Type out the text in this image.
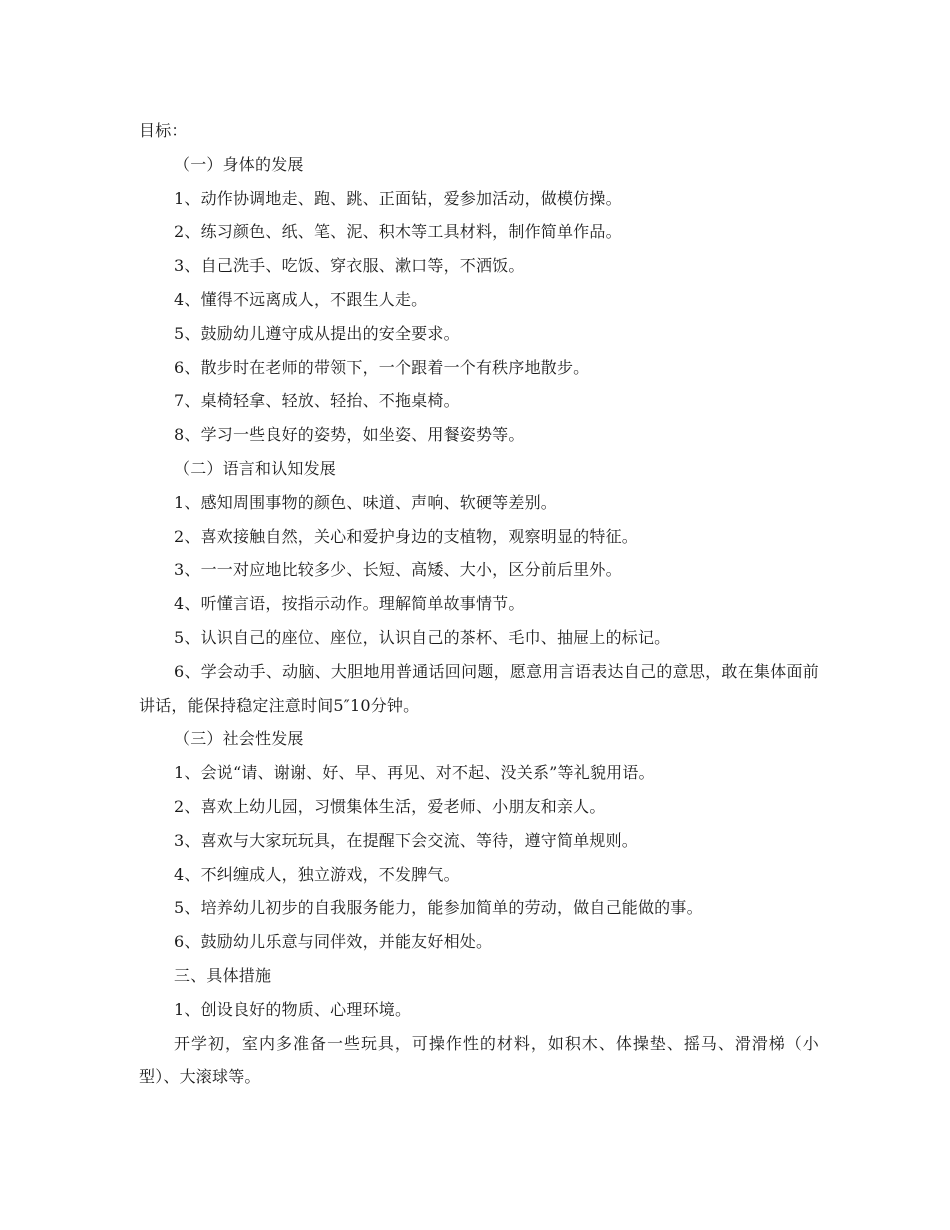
目标：
（一）身体的发展
1、动作协调地走、跑、跳、正面钻，爱参加活动，做模仿操。
2、练习颜色、纸、笔、泥、积木等工具材料，制作简单作品。
3、自己洗手、吃饭、穿衣服、漱口等，不洒饭。
4、懂得不远离成人，不跟生人走。
5、鼓励幼儿遵守成从提出的安全要求。
6、散步时在老师的带领下，一个跟着一个有秩序地散步。
7、桌椅轻拿、轻放、轻抬、不拖桌椅。
8、学习一些良好的姿势，如坐姿、用餐姿势等。
（二）语言和认知发展
1、感知周围事物的颜色、味道、声响、软硬等差别。
2、喜欢接触自然，关心和爱护身边的支植物，观察明显的特征。
3、一一对应地比较多少、长短、高矮、大小，区分前后里外。
4、听懂言语，按指示动作。理解简单故事情节。
5、认识自己的座位、座位，认识自己的茶杯、毛巾、抽屉上的标记。
6、学会动手、动脑、大胆地用普通话回问题，愿意用言语表达自己的意思，敢在集体面前讲话，能保持稳定注意时间5″10分钟。
（三）社会性发展
1、会说“请、谢谢、好、早、再见、对不起、没关系”等礼貌用语。
2、喜欢上幼儿园，习惯集体生活，爱老师、小朋友和亲人。
3、喜欢与大家玩玩具，在提醒下会交流、等待，遵守简单规则。
4、不纠缠成人，独立游戏，不发脾气。
5、培养幼儿初步的自我服务能力，能参加简单的劳动，做自己能做的事。
6、鼓励幼儿乐意与同伴效，并能友好相处。
三、具体措施
1、创设良好的物质、心理环境。
开学初，室内多准备一些玩具，可操作性的材料，如积木、体操垫、摇马、滑滑梯（小型）、大滚球等。
